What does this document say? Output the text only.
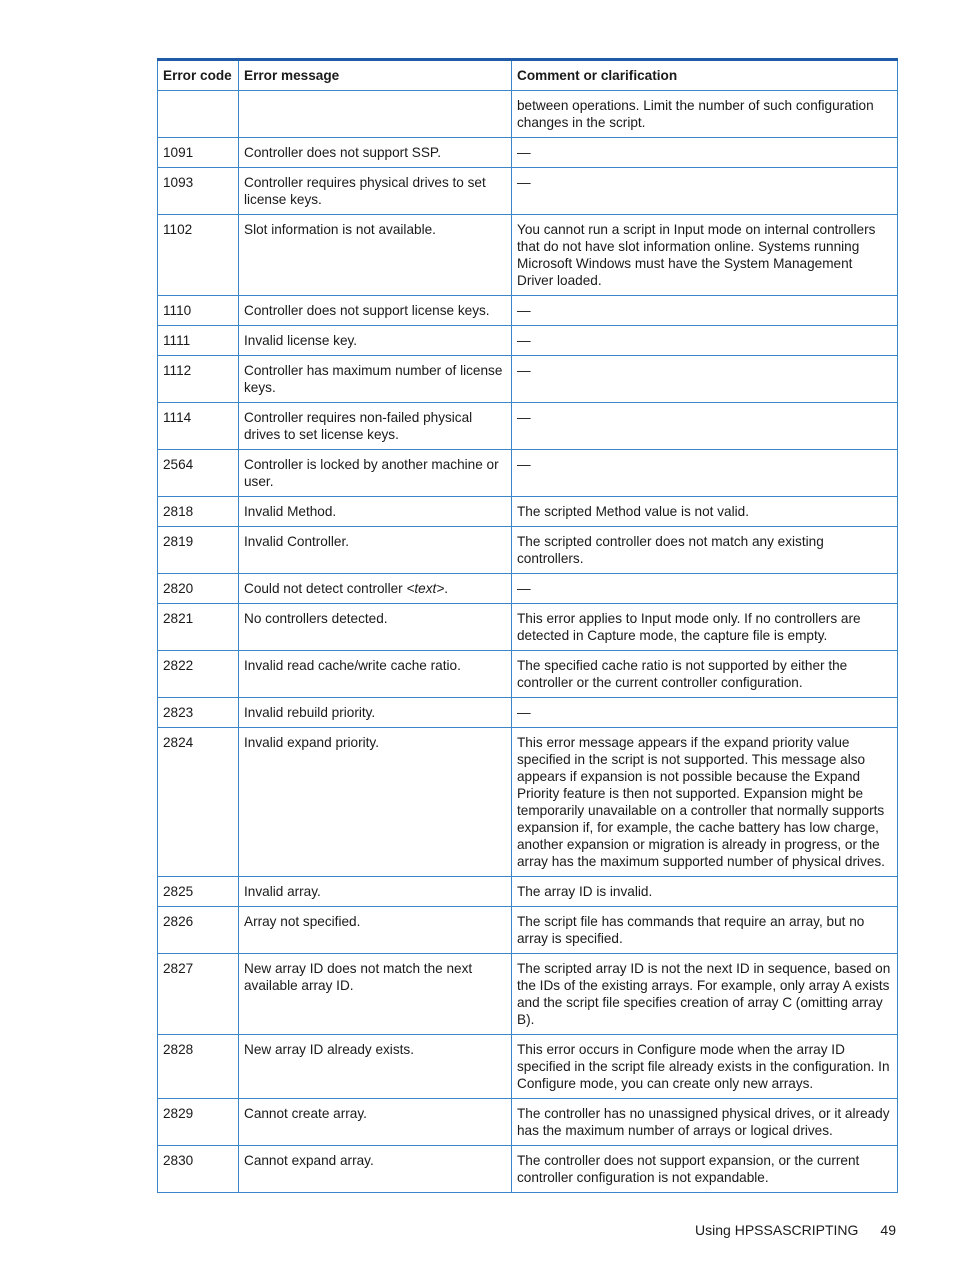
Error code	Error message	Comment or clarification
		between operations. Limit the number of such configuration changes in the script.
1091	Controller does not support SSP.	—
1093	Controller requires physical drives to set license keys.	—
1102	Slot information is not available.	You cannot run a script in Input mode on internal controllers that do not have slot information online. Systems running Microsoft Windows must have the System Management Driver loaded.
1110	Controller does not support license keys.	—
1111	Invalid license key.	—
1112	Controller has maximum number of license keys.	—
1114	Controller requires non-failed physical drives to set license keys.	—
2564	Controller is locked by another machine or user.	—
2818	Invalid Method.	The scripted Method value is not valid.
2819	Invalid Controller.	The scripted controller does not match any existing controllers.
2820	Could not detect controller <text>.	—
2821	No controllers detected.	This error applies to Input mode only. If no controllers are detected in Capture mode, the capture file is empty.
2822	Invalid read cache/write cache ratio.	The specified cache ratio is not supported by either the controller or the current controller configuration.
2823	Invalid rebuild priority.	—
2824	Invalid expand priority.	This error message appears if the expand priority value specified in the script is not supported. This message also appears if expansion is not possible because the Expand Priority feature is then not supported. Expansion might be temporarily unavailable on a controller that normally supports expansion if, for example, the cache battery has low charge, another expansion or migration is already in progress, or the array has the maximum supported number of physical drives.
2825	Invalid array.	The array ID is invalid.
2826	Array not specified.	The script file has commands that require an array, but no array is specified.
2827	New array ID does not match the next available array ID.	The scripted array ID is not the next ID in sequence, based on the IDs of the existing arrays. For example, only array A exists and the script file specifies creation of array C (omitting array B).
2828	New array ID already exists.	This error occurs in Configure mode when the array ID specified in the script file already exists in the configuration. In Configure mode, you can create only new arrays.
2829	Cannot create array.	The controller has no unassigned physical drives, or it already has the maximum number of arrays or logical drives.
2830	Cannot expand array.	The controller does not support expansion, or the current controller configuration is not expandable.
Using HPSSASCRIPTING 49
